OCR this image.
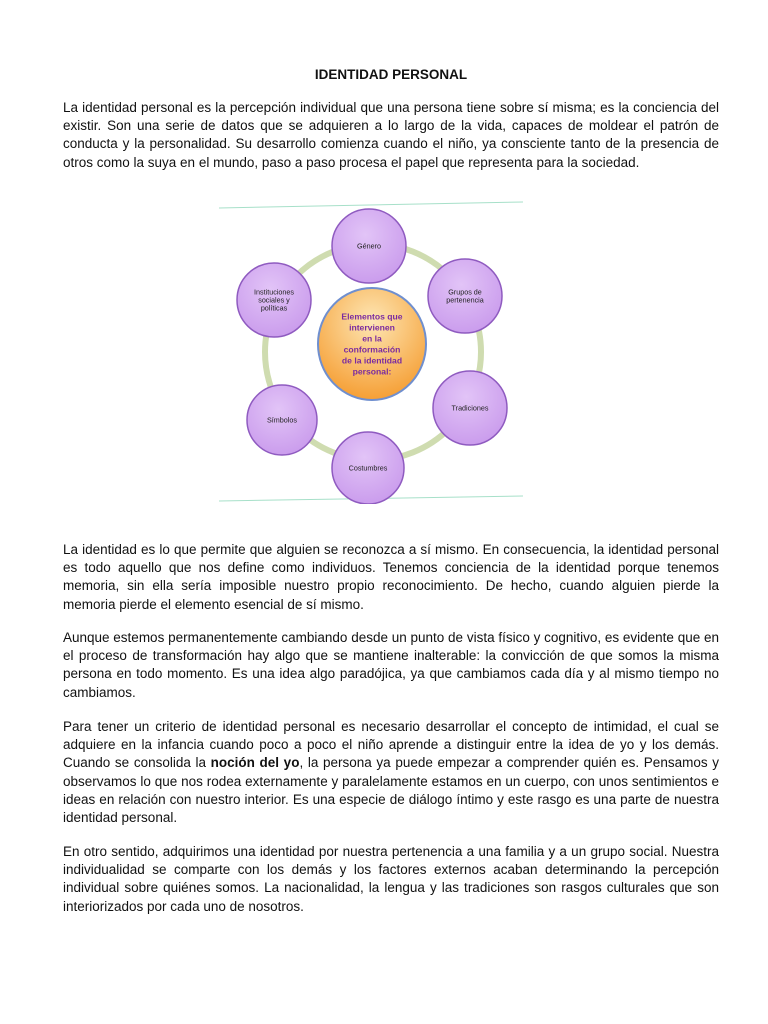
IDENTIDAD PERSONAL

La identidad personal es la percepción individual que una persona tiene sobre sí misma; es la conciencia del existir. Son una serie de datos que se adquieren a lo largo de la vida, capaces de moldear el patrón de conducta y la personalidad. Su desarrollo comienza cuando el niño, ya consciente tanto de la presencia de otros como la suya en el mundo, paso a paso procesa el papel que representa para la sociedad.

La identidad es lo que permite que alguien se reconozca a sí mismo. En consecuencia, la identidad personal es todo aquello que nos define como individuos. Tenemos conciencia de la identidad porque tenemos memoria, sin ella sería imposible nuestro propio reconocimiento. De hecho, cuando alguien pierde la memoria pierde el elemento esencial de sí mismo.

Aunque estemos permanentemente cambiando desde un punto de vista físico y cognitivo, es evidente que en el proceso de transformación hay algo que se mantiene inalterable: la convicción de que somos la misma persona en todo momento. Es una idea algo paradójica, ya que cambiamos cada día y al mismo tiempo no cambiamos.

Para tener un criterio de identidad personal es necesario desarrollar el concepto de intimidad, el cual se adquiere en la infancia cuando poco a poco el niño aprende a distinguir entre la idea de yo y los demás. Cuando se consolida la noción del yo, la persona ya puede empezar a comprender quién es. Pensamos y observamos lo que nos rodea externamente y paralelamente estamos en un cuerpo, con unos sentimientos e ideas en relación con nuestro interior. Es una especie de diálogo íntimo y este rasgo es una parte de nuestra identidad personal.

En otro sentido, adquirimos una identidad por nuestra pertenencia a una familia y a un grupo social. Nuestra individualidad se comparte con los demás y los factores externos acaban determinando la percepción individual sobre quiénes somos. La nacionalidad, la lengua y las tradiciones son rasgos culturales que son interiorizados por cada uno de nosotros.

Género
Grupos de
pertenencia
Tradiciones
Costumbres
Símbolos
Instituciones
sociales y
políticas
Elementos que
intervienen
en la
conformación
de la identidad
personal:
